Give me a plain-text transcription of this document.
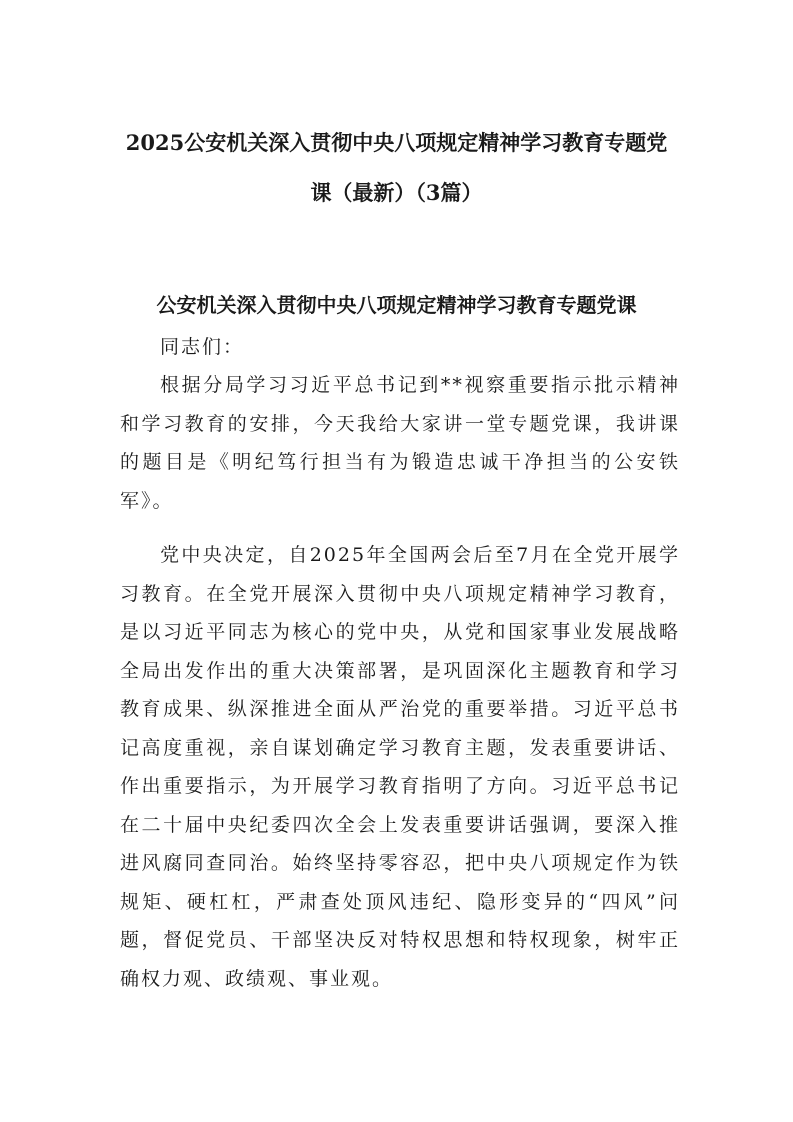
2025公安机关深入贯彻中央八项规定精神学习教育专题党
课（最新）（3篇）
公安机关深入贯彻中央八项规定精神学习教育专题党课

同志们：

根据分局学习习近平总书记到**视察重要指示批示精神和学习教育的安排，今天我给大家讲一堂专题党课，我讲课的题目是《明纪笃行担当有为锻造忠诚干净担当的公安铁军》。

党中央决定，自2025年全国两会后至7月在全党开展学习教育。在全党开展深入贯彻中央八项规定精神学习教育，是以习近平同志为核心的党中央，从党和国家事业发展战略全局出发作出的重大决策部署，是巩固深化主题教育和学习教育成果、纵深推进全面从严治党的重要举措。习近平总书记高度重视，亲自谋划确定学习教育主题，发表重要讲话、作出重要指示，为开展学习教育指明了方向。习近平总书记在二十届中央纪委四次全会上发表重要讲话强调，要深入推进风腐同查同治。始终坚持零容忍，把中央八项规定作为铁规矩、硬杠杠，严肃查处顶风违纪、隐形变异的“四风”问题，督促党员、干部坚决反对特权思想和特权现象，树牢正确权力观、政绩观、事业观。
